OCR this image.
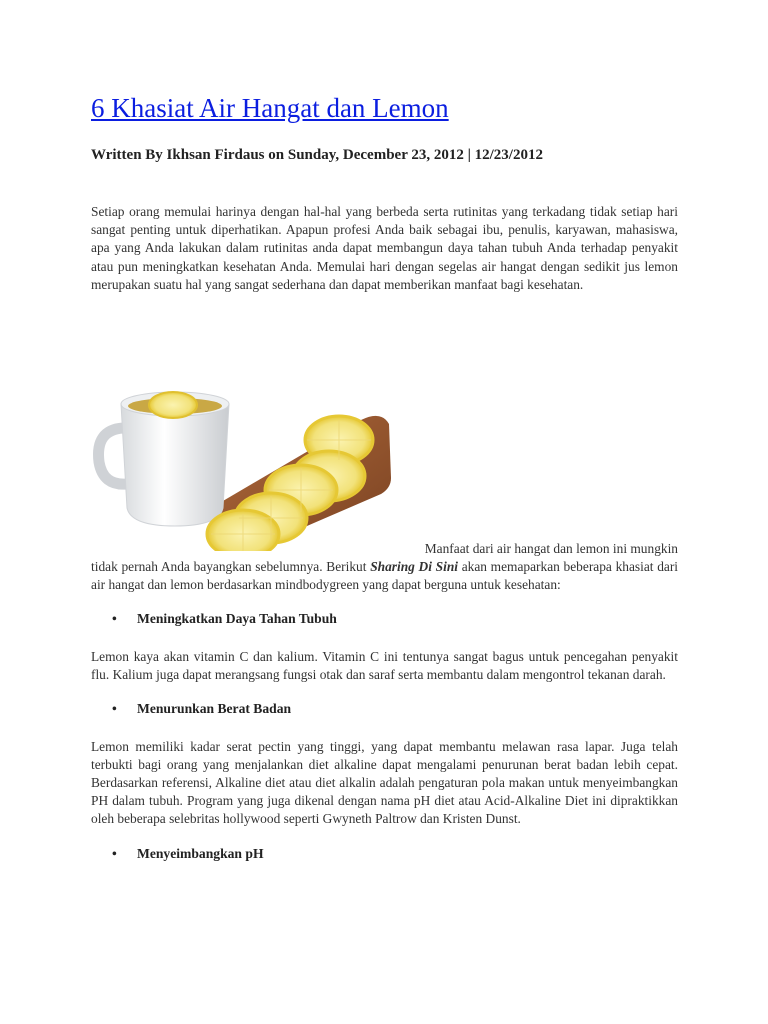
6 Khasiat Air Hangat dan Lemon

Written By Ikhsan Firdaus on Sunday, December 23, 2012 | 12/23/2012

Setiap orang memulai harinya dengan hal-hal yang berbeda serta rutinitas yang terkadang tidak setiap hari sangat penting untuk diperhatikan. Apapun profesi Anda baik sebagai ibu, penulis, karyawan, mahasiswa, apa yang Anda lakukan dalam rutinitas anda dapat membangun daya tahan tubuh Anda terhadap penyakit atau pun meningkatkan kesehatan Anda. Memulai hari dengan segelas air hangat dengan sedikit jus lemon merupakan suatu hal yang sangat sederhana dan dapat memberikan manfaat bagi kesehatan.

Manfaat dari air hangat dan lemon ini mungkin

tidak pernah Anda bayangkan sebelumnya. Berikut Sharing Di Sini akan memaparkan beberapa khasiat dari air hangat dan lemon berdasarkan mindbodygreen yang dapat berguna untuk kesehatan:

• Meningkatkan Daya Tahan Tubuh

Lemon kaya akan vitamin C dan kalium. Vitamin C ini tentunya sangat bagus untuk pencegahan penyakit flu. Kalium juga dapat merangsang fungsi otak dan saraf serta membantu dalam mengontrol tekanan darah.

• Menurunkan Berat Badan

Lemon memiliki kadar serat pectin yang tinggi, yang dapat membantu melawan rasa lapar. Juga telah terbukti bagi orang yang menjalankan diet alkaline dapat mengalami penurunan berat badan lebih cepat. Berdasarkan referensi, Alkaline diet atau diet alkalin adalah pengaturan pola makan untuk menyeimbangkan PH dalam tubuh. Program yang juga dikenal dengan nama pH diet atau Acid-Alkaline Diet ini dipraktikkan oleh beberapa selebritas hollywood seperti Gwyneth Paltrow dan Kristen Dunst.

• Menyeimbangkan pH
